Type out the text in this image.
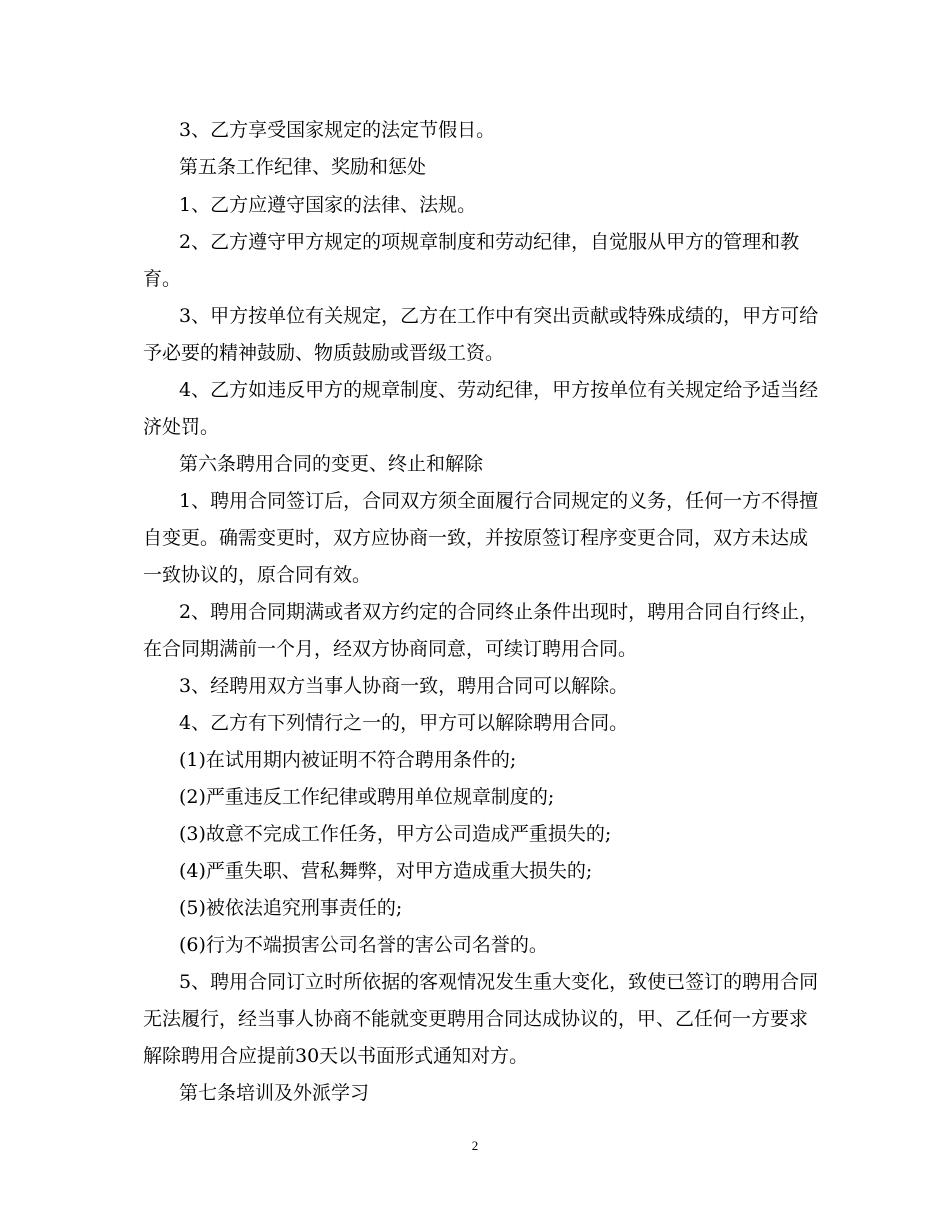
3、乙方享受国家规定的法定节假日。
第五条工作纪律、奖励和惩处
1、乙方应遵守国家的法律、法规。
2、乙方遵守甲方规定的项规章制度和劳动纪律，自觉服从甲方的管理和教
育。
3、甲方按单位有关规定，乙方在工作中有突出贡献或特殊成绩的，甲方可给
予必要的精神鼓励、物质鼓励或晋级工资。
4、乙方如违反甲方的规章制度、劳动纪律，甲方按单位有关规定给予适当经
济处罚。
第六条聘用合同的变更、终止和解除
1、聘用合同签订后，合同双方须全面履行合同规定的义务，任何一方不得擅
自变更。确需变更时，双方应协商一致，并按原签订程序变更合同，双方未达成
一致协议的，原合同有效。
2、聘用合同期满或者双方约定的合同终止条件出现时，聘用合同自行终止，
在合同期满前一个月，经双方协商同意，可续订聘用合同。
3、经聘用双方当事人协商一致，聘用合同可以解除。
4、乙方有下列情行之一的，甲方可以解除聘用合同。
(1)在试用期内被证明不符合聘用条件的;
(2)严重违反工作纪律或聘用单位规章制度的;
(3)故意不完成工作任务，甲方公司造成严重损失的;
(4)严重失职、营私舞弊，对甲方造成重大损失的;
(5)被依法追究刑事责任的;
(6)行为不端损害公司名誉的害公司名誉的。
5、聘用合同订立时所依据的客观情况发生重大变化，致使已签订的聘用合同
无法履行，经当事人协商不能就变更聘用合同达成协议的，甲、乙任何一方要求
解除聘用合应提前30天以书面形式通知对方。
第七条培训及外派学习
2
